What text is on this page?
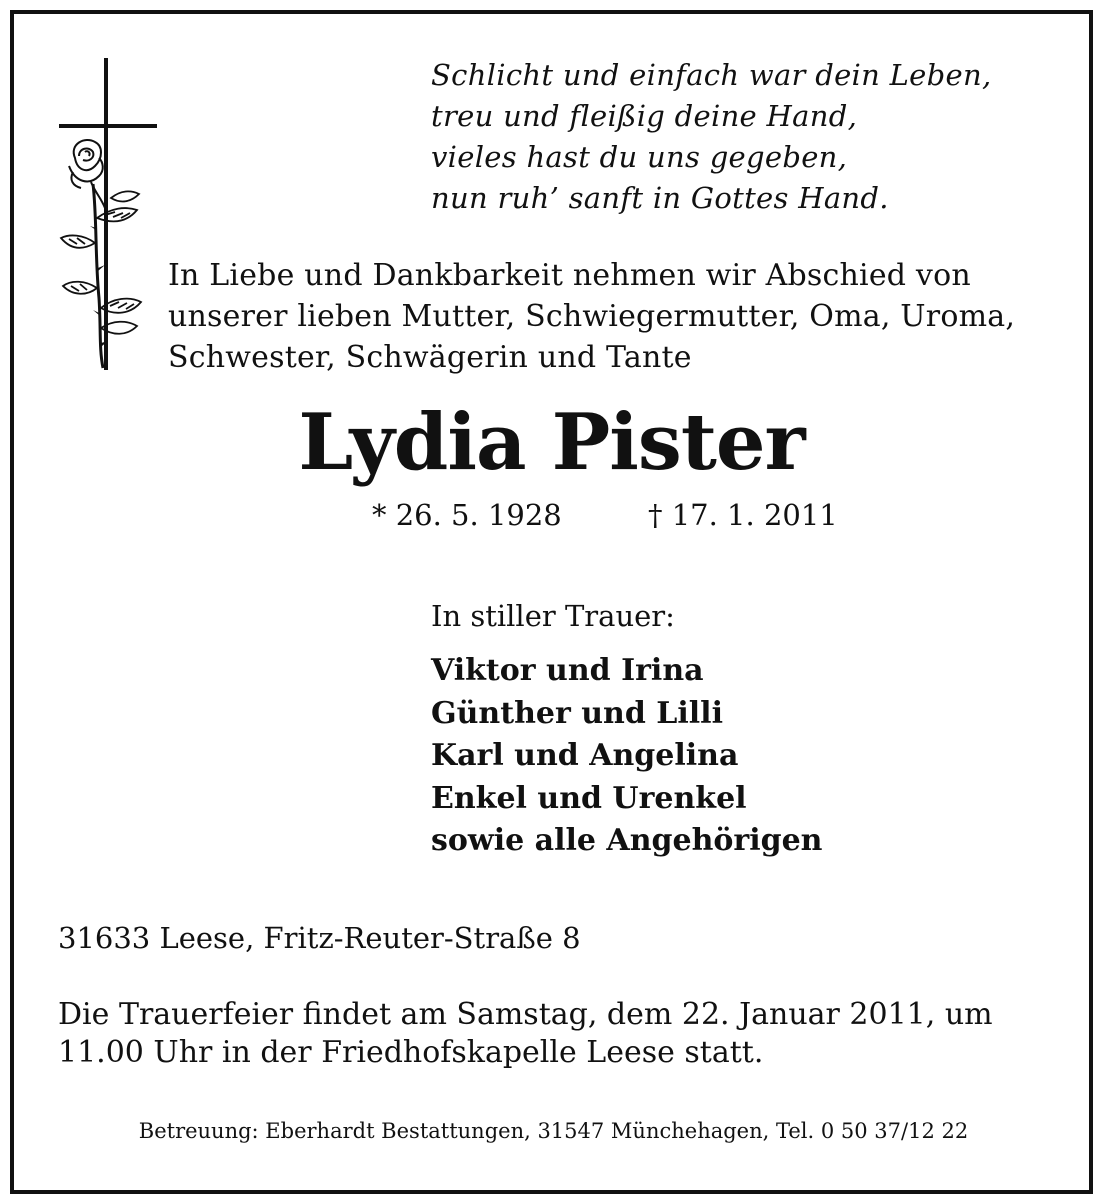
Schlicht und einfach war dein Leben,
treu und fleißig deine Hand,
vieles hast du uns gegeben,
nun ruh’ sanft in Gottes Hand.
In Liebe und Dankbarkeit nehmen wir Abschied von
unserer lieben Mutter, Schwiegermutter, Oma, Uroma,
Schwester, Schwägerin und Tante
Lydia Pister
* 26. 5. 1928	† 17. 1. 2011
In stiller Trauer:
Viktor und Irina
Günther und Lilli
Karl und Angelina
Enkel und Urenkel
sowie alle Angehörigen
31633 Leese, Fritz-Reuter-Straße 8
Die Trauerfeier findet am Samstag, dem 22. Januar 2011, um
11.00 Uhr in der Friedhofskapelle Leese statt.
Betreuung: Eberhardt Bestattungen, 31547 Münchehagen, Tel. 0 50 37/12 22
